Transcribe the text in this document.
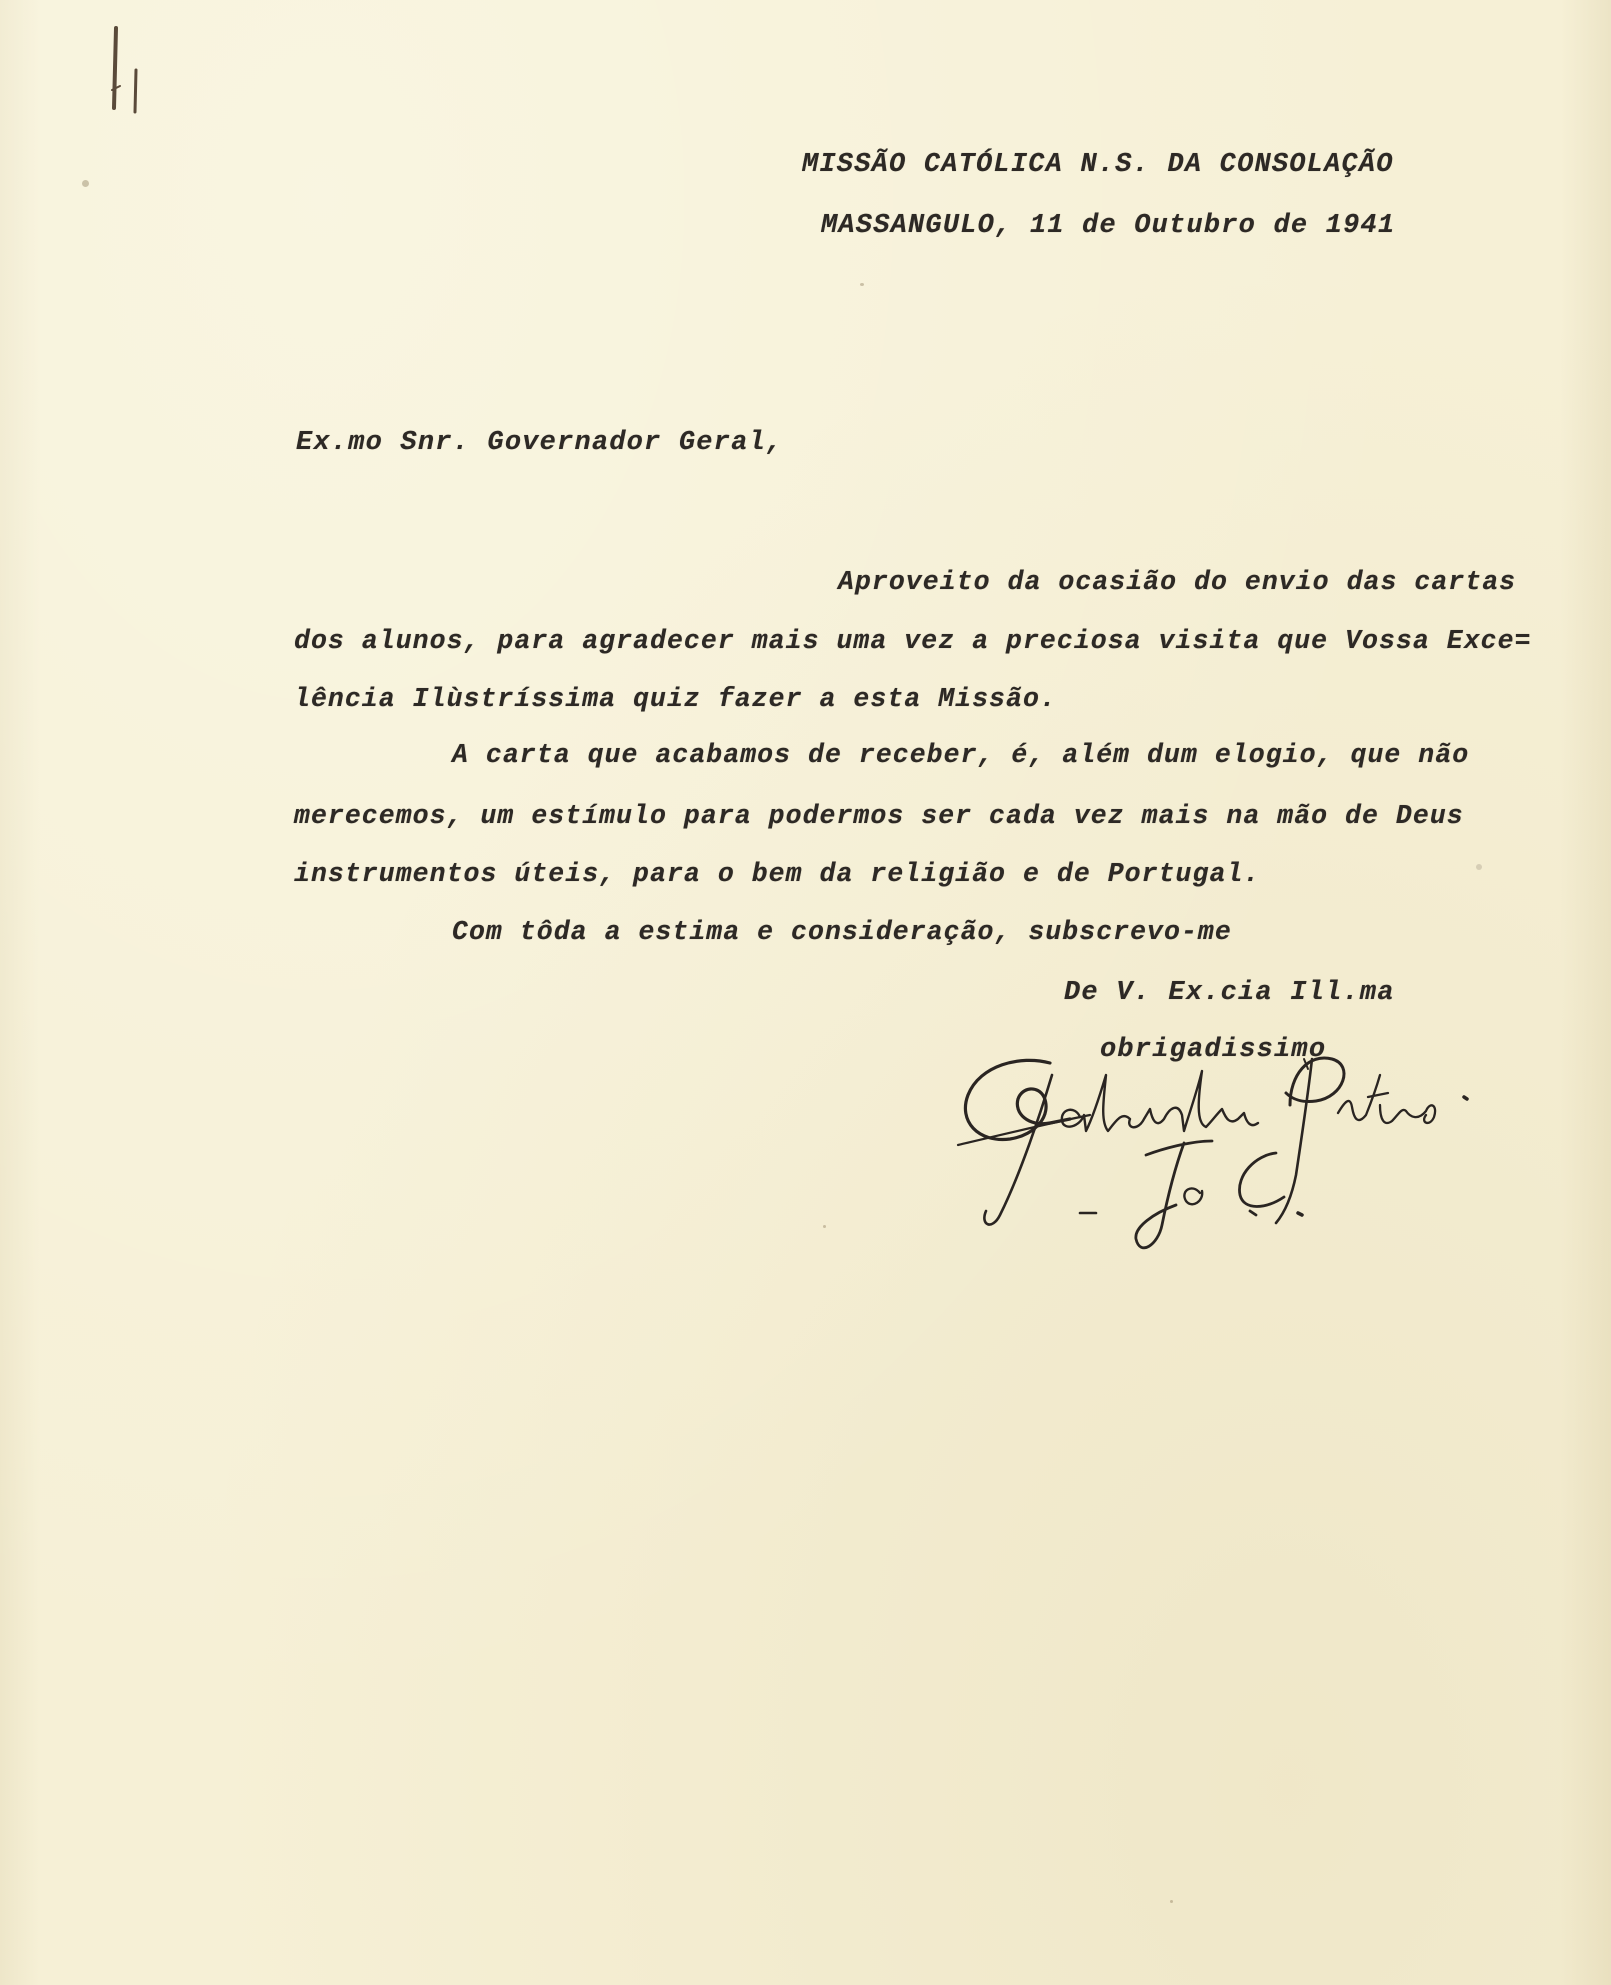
MISSÃO CATÓLICA N.S. DA CONSOLAÇÃO

MASSANGULO, 11 de Outubro de 1941

Ex.mo Snr. Governador Geral,

Aproveito da ocasião do envio das cartas

dos alunos, para agradecer mais uma vez a preciosa visita que Vossa Exce=

lência Ilùstríssima quiz fazer a esta Missão.

A carta que acabamos de receber, é, além dum elogio, que não

merecemos, um estímulo para podermos ser cada vez mais na mão de Deus

instrumentos úteis, para o bem da religião e de Portugal.

Com tôda a estima e consideração, subscrevo-me

De V. Ex.cia Ill.ma

obrigadissimo
